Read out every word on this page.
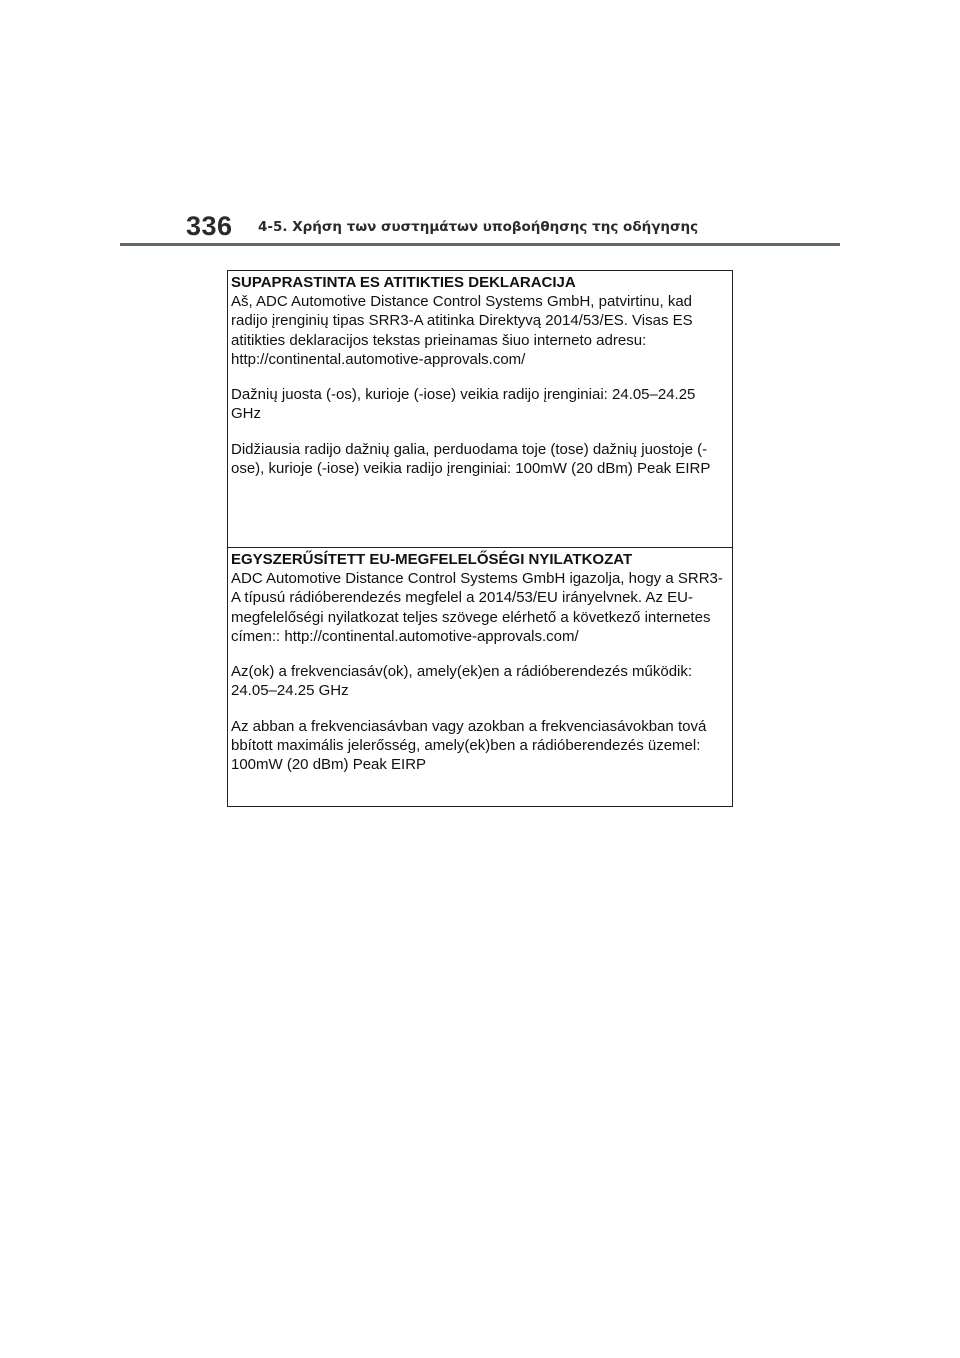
336 4-5. Χρήση των συστημάτων υποβοήθησης της οδήγησης

SUPAPRASTINTA ES ATITIKTIES DEKLARACIJA

Aš, ADC Automotive Distance Control Systems GmbH, patvirtinu, kad radijo įrenginių tipas SRR3-A atitinka Direktyvą 2014/53/ES. Visas ES atitikties deklaracijos tekstas prieinamas šiuo interneto adresu: http://continental.automotive-approvals.com/

Dažnių juosta (-os), kurioje (-iose) veikia radijo įrenginiai: 24.05–24.25 GHz

Didžiausia radijo dažnių galia, perduodama toje (tose) dažnių juostoje (-ose), kurioje (-iose) veikia radijo įrenginiai: 100mW (20 dBm) Peak EIRP

EGYSZERŰSÍTETT EU-MEGFELELŐSÉGI NYILATKOZAT

ADC Automotive Distance Control Systems GmbH igazolja, hogy a SRR3-A típusú rádióberendezés megfelel a 2014/53/EU irányelvnek. Az EU-megfelelőségi nyilatkozat teljes szövege elérhető a következő internetes címen:: http://continental.automotive-approvals.com/

Az(ok) a frekvenciasáv(ok), amely(ek)en a rádióberendezés működik: 24.05–24.25 GHz

Az abban a frekvenciasávban vagy azokban a frekvenciasávokban tová bbított maximális jelerősség, amely(ek)ben a rádióberendezés üzemel: 100mW (20 dBm) Peak EIRP
